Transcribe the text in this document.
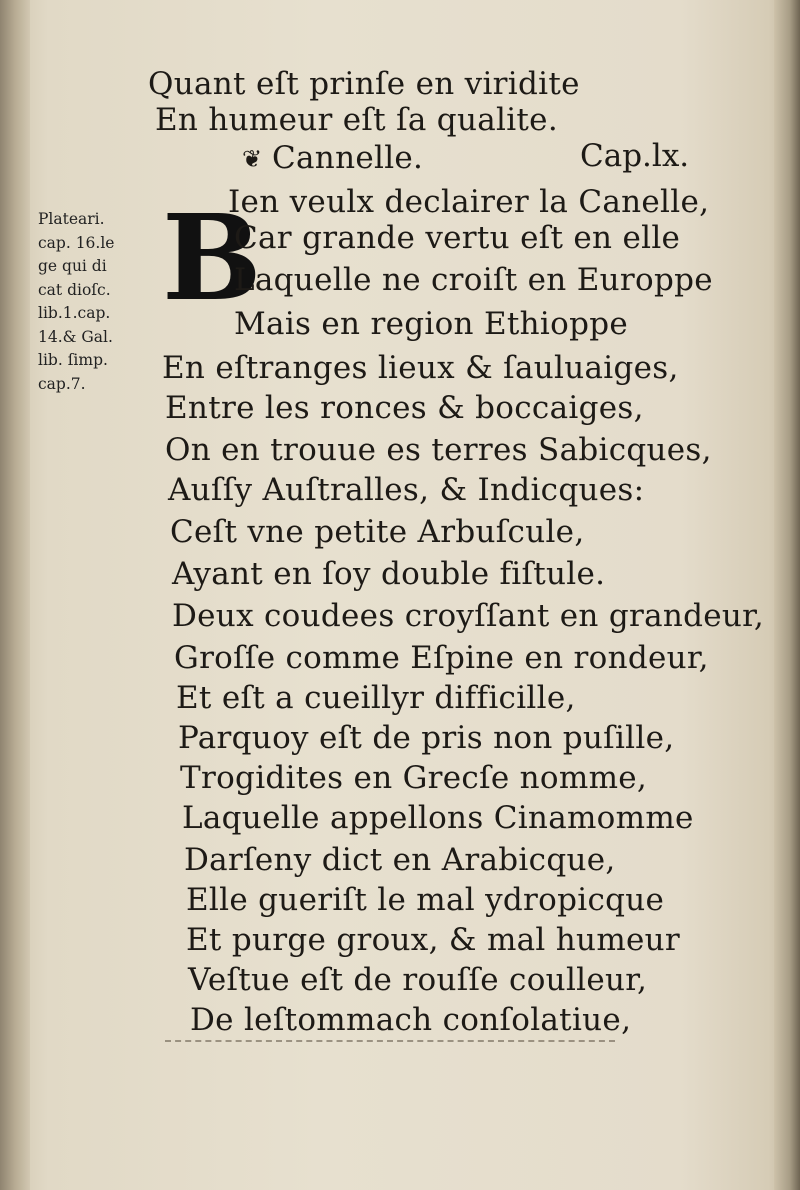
Quant eſt prinſe en viridite
En humeur eſt ſa qualite.
❦ Cannelle.	Cap.lx.
Plateari.
cap. 16.le
ge qui di
cat dioſc.
lib.1.cap.
14.& Gal.
lib. ſimp.
cap.7.
B
Ien veulx declairer la Canelle,
Car grande vertu eſt en elle
Laquelle ne croiſt en Europpe
Mais en region Ethioppe
En eſtranges lieux & ſauluaiges,
Entre les ronces & boccaiges,
On en trouue es terres Sabicques,
Auſſy Auſtralles, & Indicques:
Ceſt vne petite Arbuſcule,
Ayant en ſoy double fiſtule.
Deux coudees croyſſant en grandeur,
Groſſe comme Eſpine en rondeur,
Et eſt a cueillyr difficille,
Parquoy eſt de pris non puſille,
Trogidites en Grecſe nomme,
Laquelle appellons Cinamomme
Darſeny dict en Arabicque,
Elle gueriſt le mal ydropicque
Et purge groux, & mal humeur
Veſtue eſt de rouſſe coulleur,
De leſtommach conſolatiue,
